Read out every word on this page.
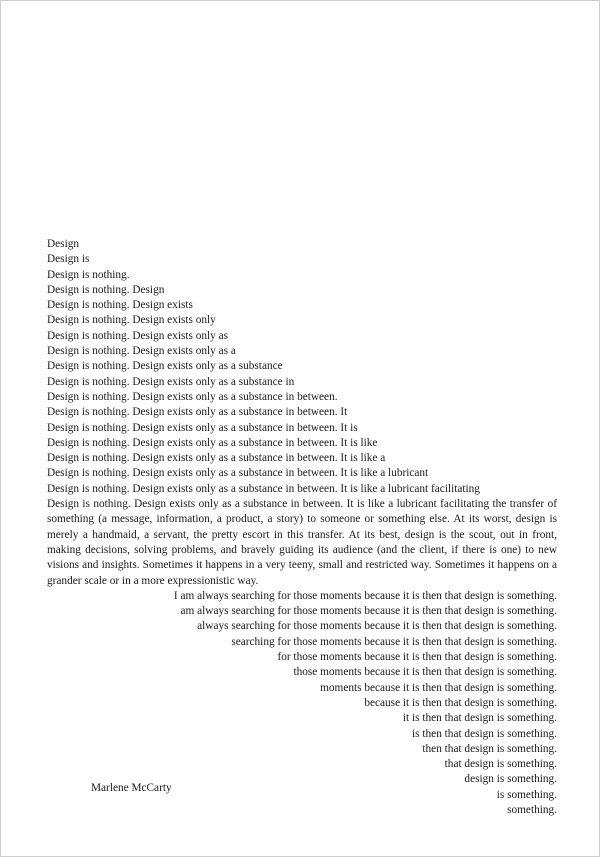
Design
Design is
Design is nothing.
Design is nothing. Design
Design is nothing. Design exists
Design is nothing. Design exists only
Design is nothing. Design exists only as
Design is nothing. Design exists only as a
Design is nothing. Design exists only as a substance
Design is nothing. Design exists only as a substance in
Design is nothing. Design exists only as a substance in between.
Design is nothing. Design exists only as a substance in between. It
Design is nothing. Design exists only as a substance in between. It is
Design is nothing. Design exists only as a substance in between. It is like
Design is nothing. Design exists only as a substance in between. It is like a
Design is nothing. Design exists only as a substance in between. It is like a lubricant
Design is nothing. Design exists only as a substance in between. It is like a lubricant facilitating
Design is nothing. Design exists only as a substance in between. It is like a lubricant facilitating the transfer of something (a message, information, a product, a story) to someone or something else. At its worst, design is merely a handmaid, a servant, the pretty escort in this transfer. At its best, design is the scout, out in front, making decisions, solving problems, and bravely guiding its audience (and the client, if there is one) to new visions and insights. Sometimes it happens in a very teeny, small and restricted way. Sometimes it happens on a grander scale or in a more expressionistic way.
I am always searching for those moments because it is then that design is something.
am always searching for those moments because it is then that design is something.
always searching for those moments because it is then that design is something.
searching for those moments because it is then that design is something.
for those moments because it is then that design is something.
those moments because it is then that design is something.
moments because it is then that design is something.
because it is then that design is something.
it is then that design is something.
is then that design is something.
then that design is something.
that design is something.
design is something.
is something.
something.
Marlene McCarty
